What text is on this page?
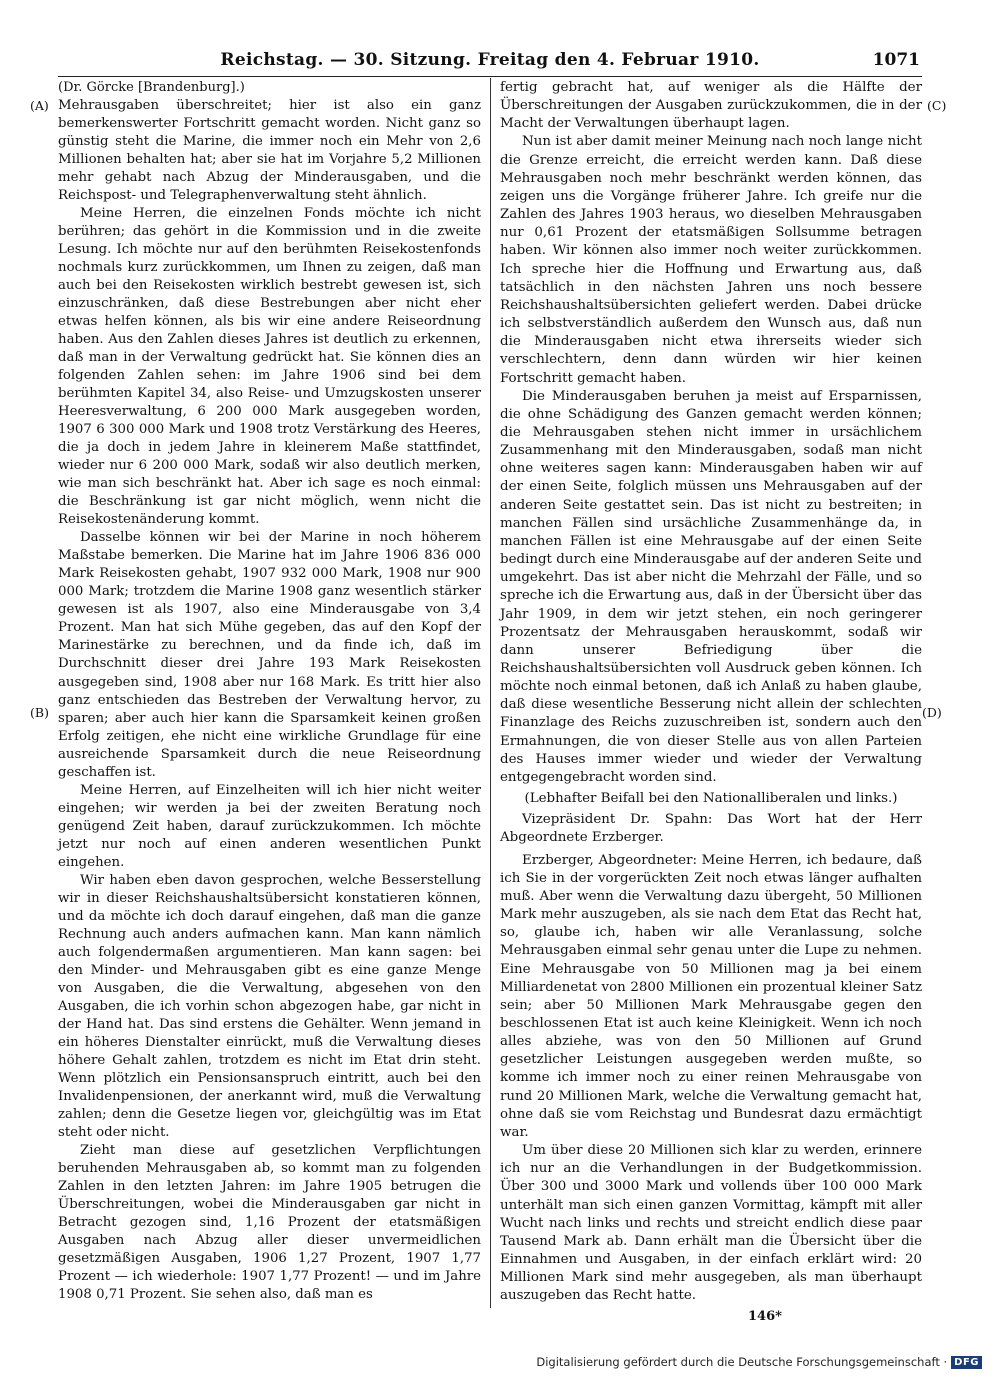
Reichstag. — 30. Sitzung. Freitag den 4. Februar 1910.	1071
(A)
(B)
(C)
(D)

(Dr. Görcke [Brandenburg].)

Mehrausgaben überschreitet; hier ist also ein ganz bemerkenswerter Fortschritt gemacht worden. Nicht ganz so günstig steht die Marine, die immer noch ein Mehr von 2,6 Millionen behalten hat; aber sie hat im Vorjahre 5,2 Millionen mehr gehabt nach Abzug der Minderausgaben, und die Reichspost- und Telegraphenverwaltung steht ähnlich.

Meine Herren, die einzelnen Fonds möchte ich nicht berühren; das gehört in die Kommission und in die zweite Lesung. Ich möchte nur auf den berühmten Reisekostenfonds nochmals kurz zurückkommen, um Ihnen zu zeigen, daß man auch bei den Reisekosten wirklich bestrebt gewesen ist, sich einzuschränken, daß diese Bestrebungen aber nicht eher etwas helfen können, als bis wir eine andere Reiseordnung haben. Aus den Zahlen dieses Jahres ist deutlich zu erkennen, daß man in der Verwaltung gedrückt hat. Sie können dies an folgenden Zahlen sehen: im Jahre 1906 sind bei dem berühmten Kapitel 34, also Reise- und Umzugskosten unserer Heeresverwaltung, 6 200 000 Mark ausgegeben worden, 1907 6 300 000 Mark und 1908 trotz Verstärkung des Heeres, die ja doch in jedem Jahre in kleinerem Maße stattfindet, wieder nur 6 200 000 Mark, sodaß wir also deutlich merken, wie man sich beschränkt hat. Aber ich sage es noch einmal: die Beschränkung ist gar nicht möglich, wenn nicht die Reisekostenänderung kommt.

Dasselbe können wir bei der Marine in noch höherem Maßstabe bemerken. Die Marine hat im Jahre 1906 836 000 Mark Reisekosten gehabt, 1907 932 000 Mark, 1908 nur 900 000 Mark; trotzdem die Marine 1908 ganz wesentlich stärker gewesen ist als 1907, also eine Minderausgabe von 3,4 Prozent. Man hat sich Mühe gegeben, das auf den Kopf der Marinestärke zu berechnen, und da finde ich, daß im Durchschnitt dieser drei Jahre 193 Mark Reisekosten ausgegeben sind, 1908 aber nur 168 Mark. Es tritt hier also ganz entschieden das Bestreben der Verwaltung hervor, zu sparen; aber auch hier kann die Sparsamkeit keinen großen Erfolg zeitigen, ehe nicht eine wirkliche Grundlage für eine ausreichende Sparsamkeit durch die neue Reiseordnung geschaffen ist.

Meine Herren, auf Einzelheiten will ich hier nicht weiter eingehen; wir werden ja bei der zweiten Beratung noch genügend Zeit haben, darauf zurückzukommen. Ich möchte jetzt nur noch auf einen anderen wesentlichen Punkt eingehen.

Wir haben eben davon gesprochen, welche Besserstellung wir in dieser Reichshaushaltsübersicht konstatieren können, und da möchte ich doch darauf eingehen, daß man die ganze Rechnung auch anders aufmachen kann. Man kann nämlich auch folgendermaßen argumentieren. Man kann sagen: bei den Minder- und Mehrausgaben gibt es eine ganze Menge von Ausgaben, die die Verwaltung, abgesehen von den Ausgaben, die ich vorhin schon abgezogen habe, gar nicht in der Hand hat. Das sind erstens die Gehälter. Wenn jemand in ein höheres Dienstalter einrückt, muß die Verwaltung dieses höhere Gehalt zahlen, trotzdem es nicht im Etat drin steht. Wenn plötzlich ein Pensionsanspruch eintritt, auch bei den Invalidenpensionen, der anerkannt wird, muß die Verwaltung zahlen; denn die Gesetze liegen vor, gleichgültig was im Etat steht oder nicht.

Zieht man diese auf gesetzlichen Verpflichtungen beruhenden Mehrausgaben ab, so kommt man zu folgenden Zahlen in den letzten Jahren: im Jahre 1905 betrugen die Überschreitungen, wobei die Minderausgaben gar nicht in Betracht gezogen sind, 1,16 Prozent der etatsmäßigen Ausgaben nach Abzug aller dieser unvermeidlichen gesetzmäßigen Ausgaben, 1906 1,27 Prozent, 1907 1,77 Prozent — ich wiederhole: 1907 1,77 Prozent! — und im Jahre 1908 0,71 Prozent. Sie sehen also, daß man es

fertig gebracht hat, auf weniger als die Hälfte der Überschreitungen der Ausgaben zurückzukommen, die in der Macht der Verwaltungen überhaupt lagen.

Nun ist aber damit meiner Meinung nach noch lange nicht die Grenze erreicht, die erreicht werden kann. Daß diese Mehrausgaben noch mehr beschränkt werden können, das zeigen uns die Vorgänge früherer Jahre. Ich greife nur die Zahlen des Jahres 1903 heraus, wo dieselben Mehrausgaben nur 0,61 Prozent der etatsmäßigen Sollsumme betragen haben. Wir können also immer noch weiter zurückkommen. Ich spreche hier die Hoffnung und Erwartung aus, daß tatsächlich in den nächsten Jahren uns noch bessere Reichshaushaltsübersichten geliefert werden. Dabei drücke ich selbstverständlich außerdem den Wunsch aus, daß nun die Minderausgaben nicht etwa ihrerseits wieder sich verschlechtern, denn dann würden wir hier keinen Fortschritt gemacht haben.

Die Minderausgaben beruhen ja meist auf Ersparnissen, die ohne Schädigung des Ganzen gemacht werden können; die Mehrausgaben stehen nicht immer in ursächlichem Zusammenhang mit den Minderausgaben, sodaß man nicht ohne weiteres sagen kann: Minderausgaben haben wir auf der einen Seite, folglich müssen uns Mehrausgaben auf der anderen Seite gestattet sein. Das ist nicht zu bestreiten; in manchen Fällen sind ursächliche Zusammenhänge da, in manchen Fällen ist eine Mehrausgabe auf der einen Seite bedingt durch eine Minderausgabe auf der anderen Seite und umgekehrt. Das ist aber nicht die Mehrzahl der Fälle, und so spreche ich die Erwartung aus, daß in der Übersicht über das Jahr 1909, in dem wir jetzt stehen, ein noch geringerer Prozentsatz der Mehrausgaben herauskommt, sodaß wir dann unserer Befriedigung über die Reichshaushaltsübersichten voll Ausdruck geben können. Ich möchte noch einmal betonen, daß ich Anlaß zu haben glaube, daß diese wesentliche Besserung nicht allein der schlechten Finanzlage des Reichs zuzuschreiben ist, sondern auch den Ermahnungen, die von dieser Stelle aus von allen Parteien des Hauses immer wieder und wieder der Verwaltung entgegengebracht worden sind.

(Lebhafter Beifall bei den Nationalliberalen und links.)

Vizepräsident Dr. Spahn: Das Wort hat der Herr Abgeordnete Erzberger.

Erzberger, Abgeordneter: Meine Herren, ich bedaure, daß ich Sie in der vorgerückten Zeit noch etwas länger aufhalten muß. Aber wenn die Verwaltung dazu übergeht, 50 Millionen Mark mehr auszugeben, als sie nach dem Etat das Recht hat, so, glaube ich, haben wir alle Veranlassung, solche Mehrausgaben einmal sehr genau unter die Lupe zu nehmen. Eine Mehrausgabe von 50 Millionen mag ja bei einem Milliardenetat von 2800 Millionen ein prozentual kleiner Satz sein; aber 50 Millionen Mark Mehrausgabe gegen den beschlossenen Etat ist auch keine Kleinigkeit. Wenn ich noch alles abziehe, was von den 50 Millionen auf Grund gesetzlicher Leistungen ausgegeben werden mußte, so komme ich immer noch zu einer reinen Mehrausgabe von rund 20 Millionen Mark, welche die Verwaltung gemacht hat, ohne daß sie vom Reichstag und Bundesrat dazu ermächtigt war.

Um über diese 20 Millionen sich klar zu werden, erinnere ich nur an die Verhandlungen in der Budgetkommission. Über 300 und 3000 Mark und vollends über 100 000 Mark unterhält man sich einen ganzen Vormittag, kämpft mit aller Wucht nach links und rechts und streicht endlich diese paar Tausend Mark ab. Dann erhält man die Übersicht über die Einnahmen und Ausgaben, in der einfach erklärt wird: 20 Millionen Mark sind mehr ausgegeben, als man überhaupt auszugeben das Recht hatte.

146*
Digitalisierung gefördert durch die Deutsche Forschungsgemeinschaft · DFG
